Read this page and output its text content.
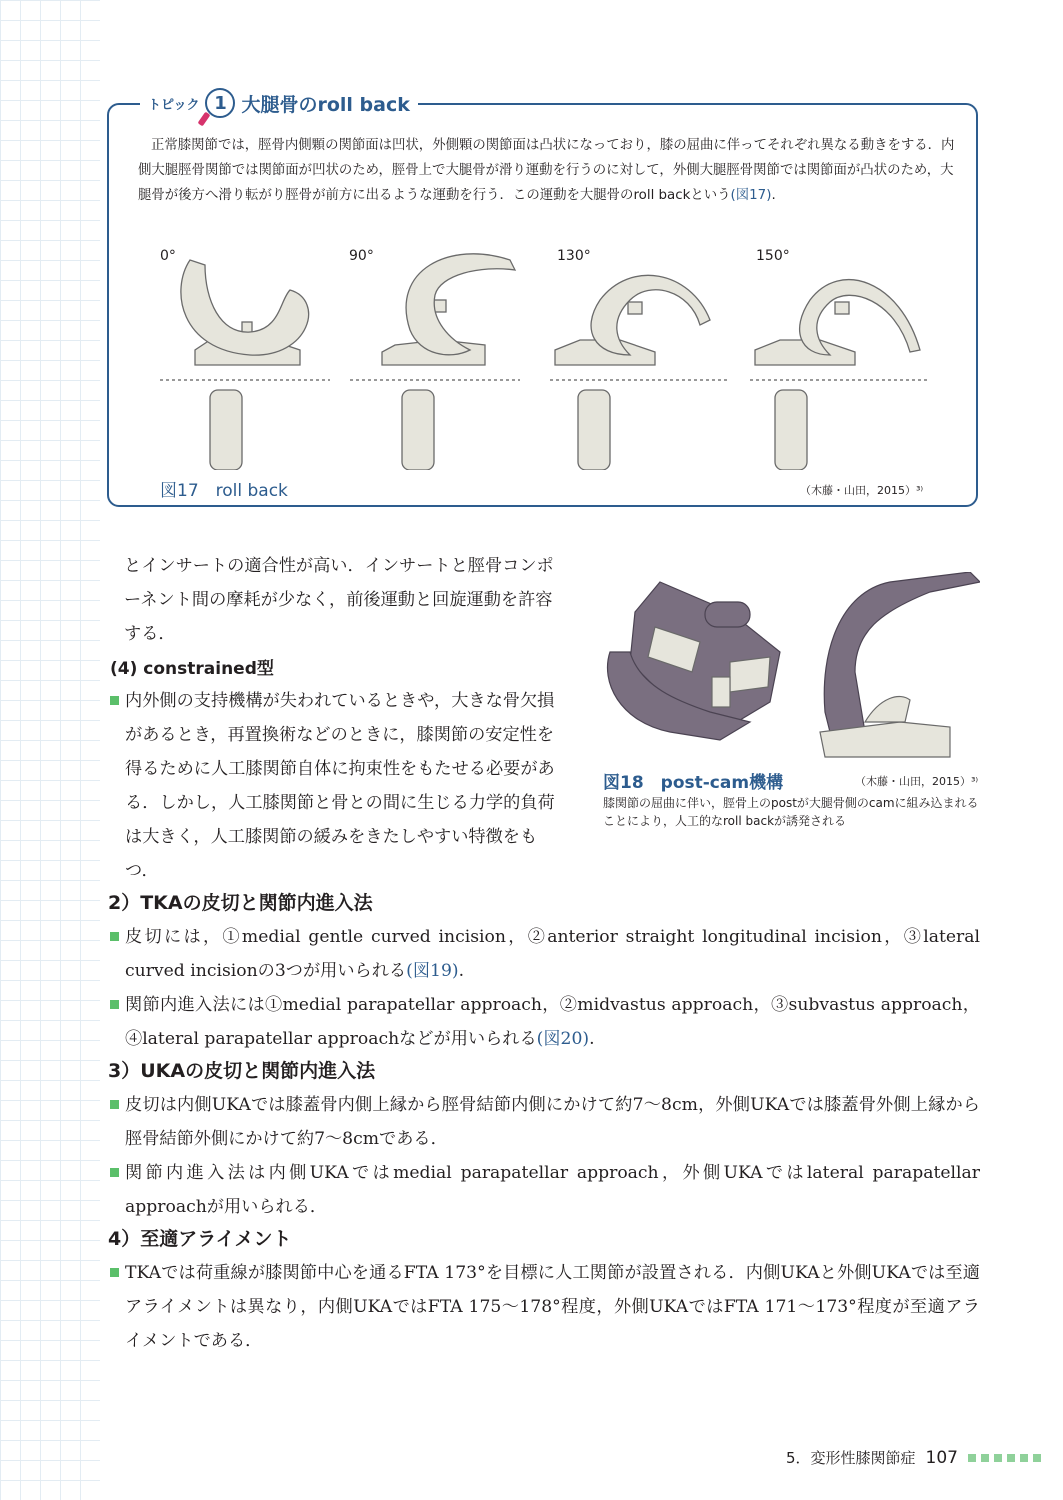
トピック 1 大腿骨のroll back
正常膝関節では，脛骨内側顆の関節面は凹状，外側顆の関節面は凸状になっており，膝の屈曲に伴ってそれぞれ異なる動きをする．内側大腿脛骨関節では関節面が凹状のため，脛骨上で大腿骨が滑り運動を行うのに対して，外側大腿脛骨関節では関節面が凸状のため，大腿骨が後方へ滑り転がり脛骨が前方に出るような運動を行う．この運動を大腿骨のroll backという(図17).
0°	90°	130°	150°
図17　roll back	（木藤・山田，2015）³⁾
とインサートの適合性が高い．インサートと脛骨コンポーネント間の摩耗が少なく，前後運動と回旋運動を許容する．
(4) constrained型
内外側の支持機構が失われているときや，大きな骨欠損があるとき，再置換術などのときに，膝関節の安定性を得るために人工膝関節自体に拘束性をもたせる必要がある．しかし，人工膝関節と骨との間に生じる力学的負荷は大きく，人工膝関節の緩みをきたしやすい特徴をもつ．
図18　post-cam機構	（木藤・山田，2015）³⁾
膝関節の屈曲に伴い，脛骨上のpostが大腿骨側のcamに組み込まれることにより，人工的なroll backが誘発される
2）TKAの皮切と関節内進入法
皮切には，①medial gentle curved incision，②anterior straight longitudinal incision，③lateral curved incisionの3つが用いられる(図19).
関節内進入法には①medial parapatellar approach，②midvastus approach，③subvastus approach，④lateral parapatellar approachなどが用いられる(図20).
3）UKAの皮切と関節内進入法
皮切は内側UKAでは膝蓋骨内側上縁から脛骨結節内側にかけて約7〜8cm，外側UKAでは膝蓋骨外側上縁から脛骨結節外側にかけて約7〜8cmである．
関節内進入法は内側UKAではmedial parapatellar approach，外側UKAではlateral parapatellar approachが用いられる．
4）至適アライメント
TKAでは荷重線が膝関節中心を通るFTA 173°を目標に人工関節が設置される．内側UKAと外側UKAでは至適アライメントは異なり，内側UKAではFTA 175〜178°程度，外側UKAではFTA 171〜173°程度が至適アライメントである．
5．変形性膝関節症 107
